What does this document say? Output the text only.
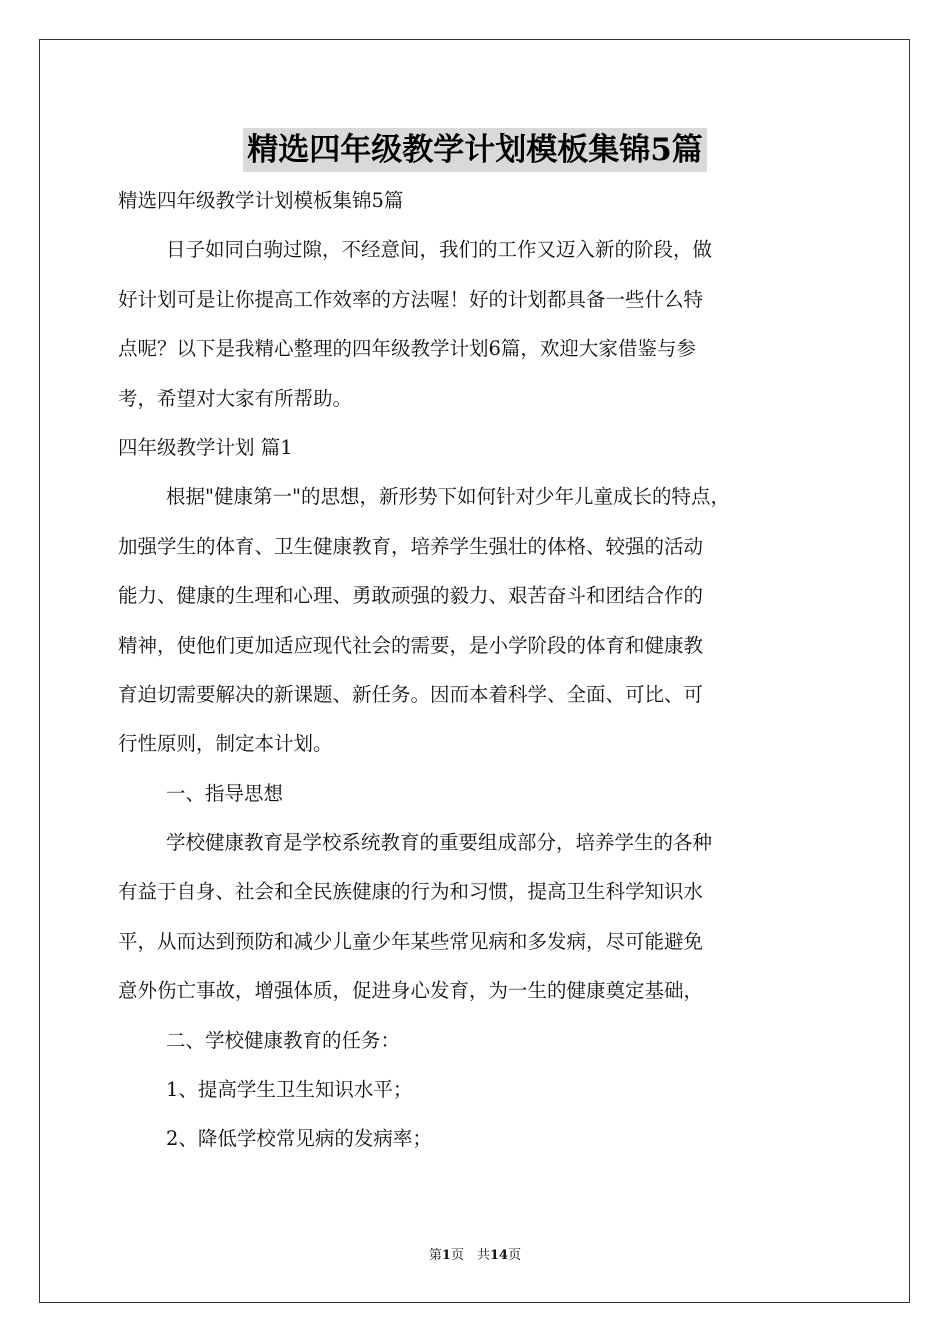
精选四年级教学计划模板集锦5篇
精选四年级教学计划模板集锦5篇
日子如同白驹过隙，不经意间，我们的工作又迈入新的阶段，做
好计划可是让你提高工作效率的方法喔！好的计划都具备一些什么特
点呢？以下是我精心整理的四年级教学计划6篇，欢迎大家借鉴与参
考，希望对大家有所帮助。
四年级教学计划 篇1
根据"健康第一"的思想，新形势下如何针对少年儿童成长的特点，
加强学生的体育、卫生健康教育，培养学生强壮的体格、较强的活动
能力、健康的生理和心理、勇敢顽强的毅力、艰苦奋斗和团结合作的
精神，使他们更加适应现代社会的需要，是小学阶段的体育和健康教
育迫切需要解决的新课题、新任务。因而本着科学、全面、可比、可
行性原则，制定本计划。
一、指导思想
学校健康教育是学校系统教育的重要组成部分，培养学生的各种
有益于自身、社会和全民族健康的行为和习惯，提高卫生科学知识水
平，从而达到预防和减少儿童少年某些常见病和多发病，尽可能避免
意外伤亡事故，增强体质，促进身心发育，为一生的健康奠定基础，
二、学校健康教育的任务：
1、提高学生卫生知识水平；
2、降低学校常见病的发病率；
第1页　共14页
